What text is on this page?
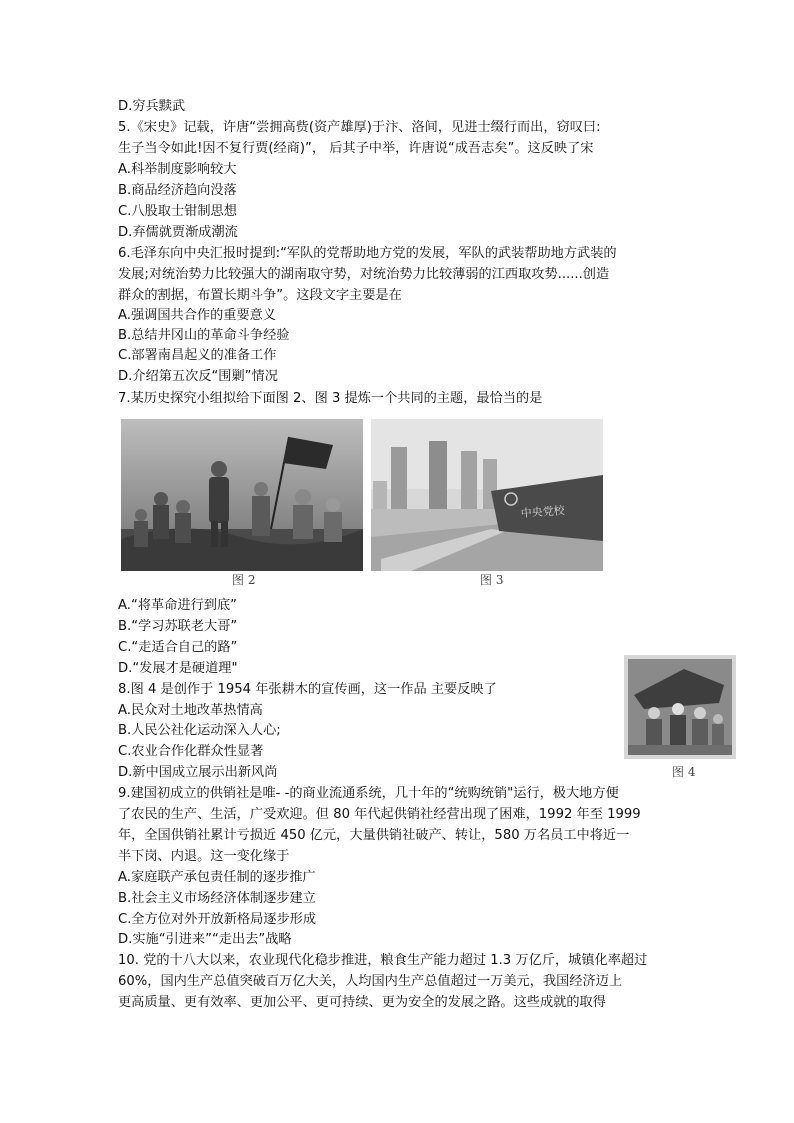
D.穷兵黩武
5.《宋史》记载，许唐“尝拥高赀(资产雄厚)于汴、洛间，见进士缀行而出，窃叹曰:
生子当令如此!因不复行贾(经商)”， 后其子中举，许唐说“成吾志矣”。这反映了宋
A.科举制度影响较大
B.商品经济趋向没落
C.八股取士钳制思想
D.弃儒就贾渐成潮流
6.毛泽东向中央汇报时提到:“军队的党帮助地方党的发展，军队的武装帮助地方武装的
发展;对统治势力比较强大的湖南取守势，对统治势力比较薄弱的江西取攻势......创造
群众的割据，布置长期斗争”。这段文字主要是在
A.强调国共合作的重要意义
B.总结井冈山的革命斗争经验
C.部署南昌起义的准备工作
D.介绍第五次反“围剿”情况
7.某历史探究小组拟给下面图 2、图 3 提炼一个共同的主题，最恰当的是
图 2
中央党校
图 3
A.“将革命进行到底”
B.“学习苏联老大哥”
C.“走适合自己的路”
D.“发展才是硬道理"
8.图 4 是创作于 1954 年张耕木的宣传画，这一作品 主要反映了
A.民众对土地改革热情高
B.人民公社化运动深入人心;
C.农业合作化群众性显著
D.新中国成立展示出新风尚	图 4
9.建国初成立的供销社是唯- -的商业流通系统，几十年的“统购统销"运行，极大地方便
了农民的生产、生活，广受欢迎。但 80 年代起供销社经营出现了困难，1992 年至 1999
年，全国供销社累计亏损近 450 亿元，大量供销社破产、转让，580 万名员工中将近一
半下岗、内退。这一变化缘于
A.家庭联产承包责任制的逐步推广
B.社会主义市场经济体制逐步建立
C.全方位对外开放新格局逐步形成
D.实施“引进来”“走出去”战略
10. 党的十八大以来，农业现代化稳步推进，粮食生产能力超过 1.3 万亿斤，城镇化率超过
60%，国内生产总值突破百万亿大关，人均国内生产总值超过一万美元，我国经济迈上
更高质量、更有效率、更加公平、更可持续、更为安全的发展之路。这些成就的取得
